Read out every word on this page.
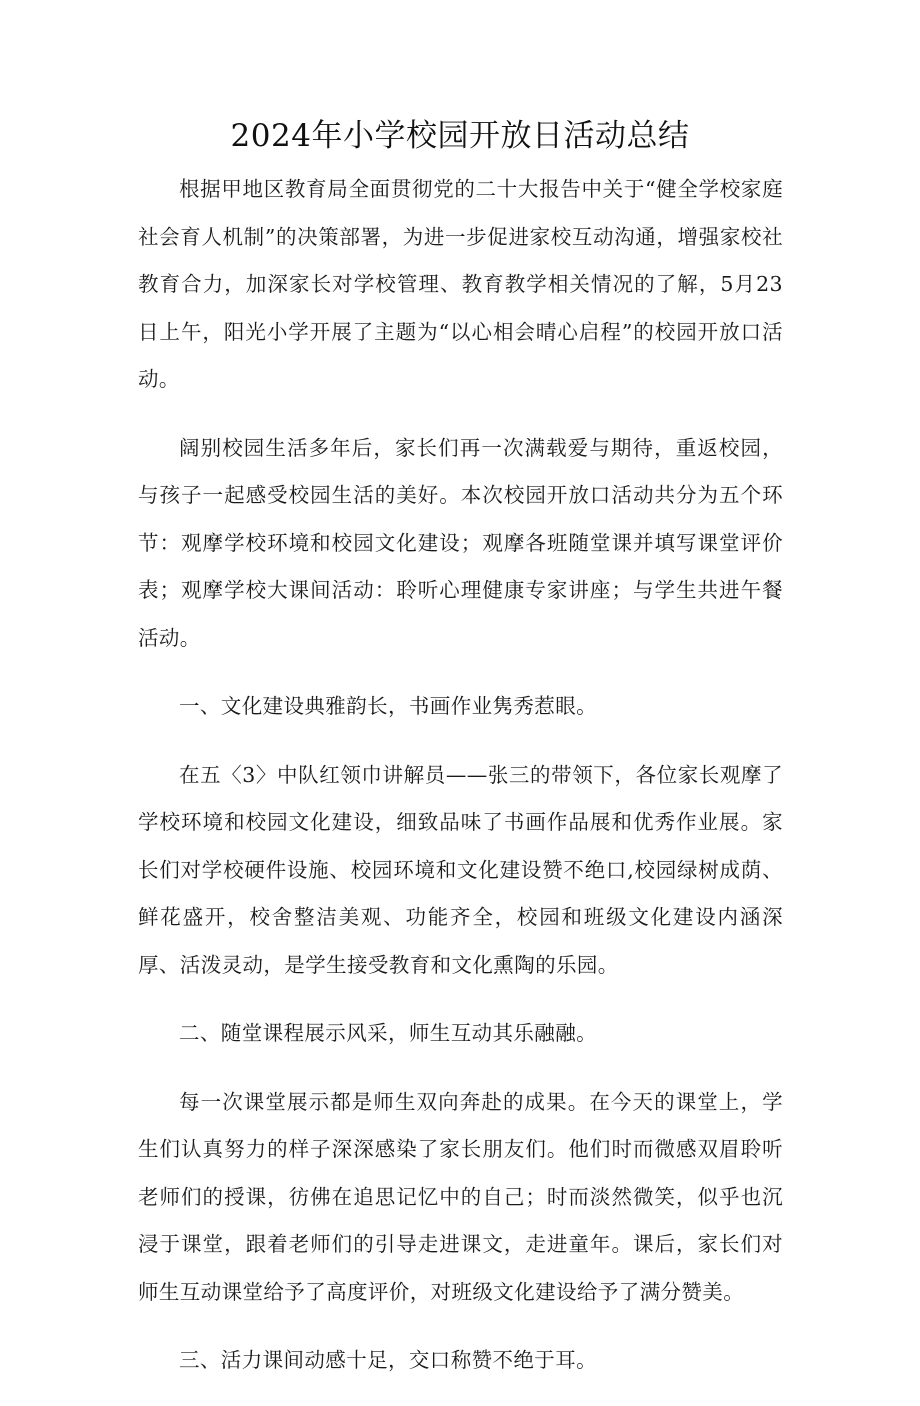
2024年小学校园开放日活动总结

根据甲地区教育局全面贯彻党的二十大报告中关于“健全学校家庭社会育人机制”的决策部署，为进一步促进家校互动沟通，增强家校社教育合力，加深家长对学校管理、教育教学相关情况的了解，5月23日上午，阳光小学开展了主题为“以心相会晴心启程”的校园开放口活动。

阔别校园生活多年后，家长们再一次满载爱与期待，重返校园，与孩子一起感受校园生活的美好。本次校园开放口活动共分为五个环节：观摩学校环境和校园文化建设；观摩各班随堂课并填写课堂评价表；观摩学校大课间活动：聆听心理健康专家讲座；与学生共进午餐活动。

一、文化建设典雅韵长，书画作业隽秀惹眼。

在五〈3〉中队红领巾讲解员——张三的带领下，各位家长观摩了学校环境和校园文化建设，细致品味了书画作品展和优秀作业展。家长们对学校硬件设施、校园环境和文化建设赞不绝口,校园绿树成荫、鲜花盛开，校舍整洁美观、功能齐全，校园和班级文化建设内涵深厚、活泼灵动，是学生接受教育和文化熏陶的乐园。

二、随堂课程展示风采，师生互动其乐融融。

每一次课堂展示都是师生双向奔赴的成果。在今天的课堂上，学生们认真努力的样子深深感染了家长朋友们。他们时而微感双眉聆听老师们的授课，彷佛在追思记忆中的自己；时而淡然微笑，似乎也沉浸于课堂，跟着老师们的引导走进课文，走进童年。课后，家长们对师生互动课堂给予了高度评价，对班级文化建设给予了满分赞美。

三、活力课间动感十足，交口称赞不绝于耳。
